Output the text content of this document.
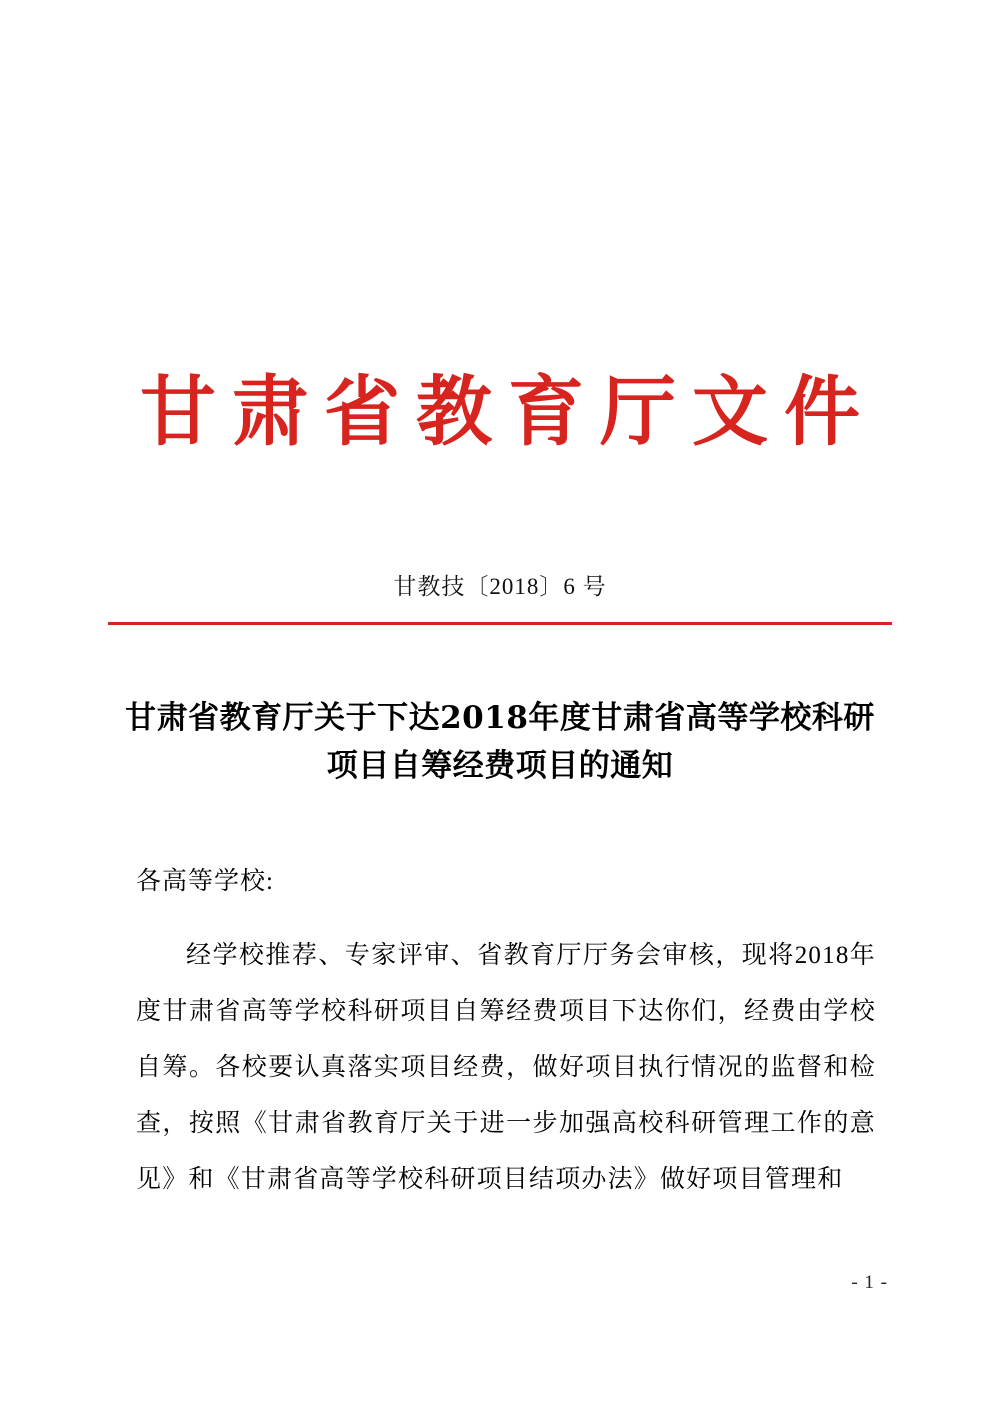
甘肃省教育厅文件
甘教技〔2018〕6 号
甘肃省教育厅关于下达2018年度甘肃省高等学校科研项目自筹经费项目的通知
各高等学校:

经学校推荐、专家评审、省教育厅厅务会审核，现将2018年度甘肃省高等学校科研项目自筹经费项目下达你们，经费由学校自筹。各校要认真落实项目经费，做好项目执行情况的监督和检查，按照《甘肃省教育厅关于进一步加强高校科研管理工作的意见》和《甘肃省高等学校科研项目结项办法》做好项目管理和

- 1 -
